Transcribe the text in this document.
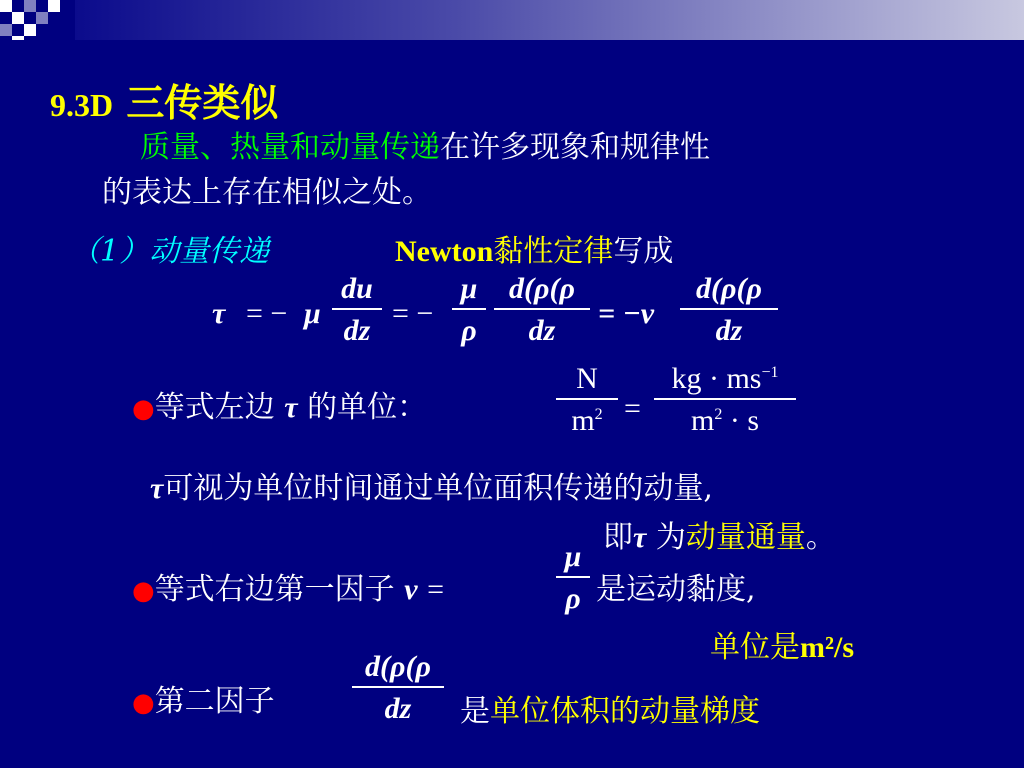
9.3D 三传类似
质量、热量和动量传递在许多现象和规律性
的表达上存在相似之处。
（1）动量传递	Newton黏性定律写成
τ = − μ
du
dz
= −
μ
ρ
d(ρ(ρ
dz
= −ν
d(ρ(ρ
dz
●等式左边 τ 的单位：
N
$m^2$ =
kg · $ms^{-1}$
$m^2 \cdot s$
τ可视为单位时间通过单位面积传递的动量,
即τ 为动量通量。
●等式右边第一因子 ν =
μ
ρ 是运动黏度,
单位是m²/s
●第二因子
d(ρ(ρ
dz	是单位体积的动量梯度
